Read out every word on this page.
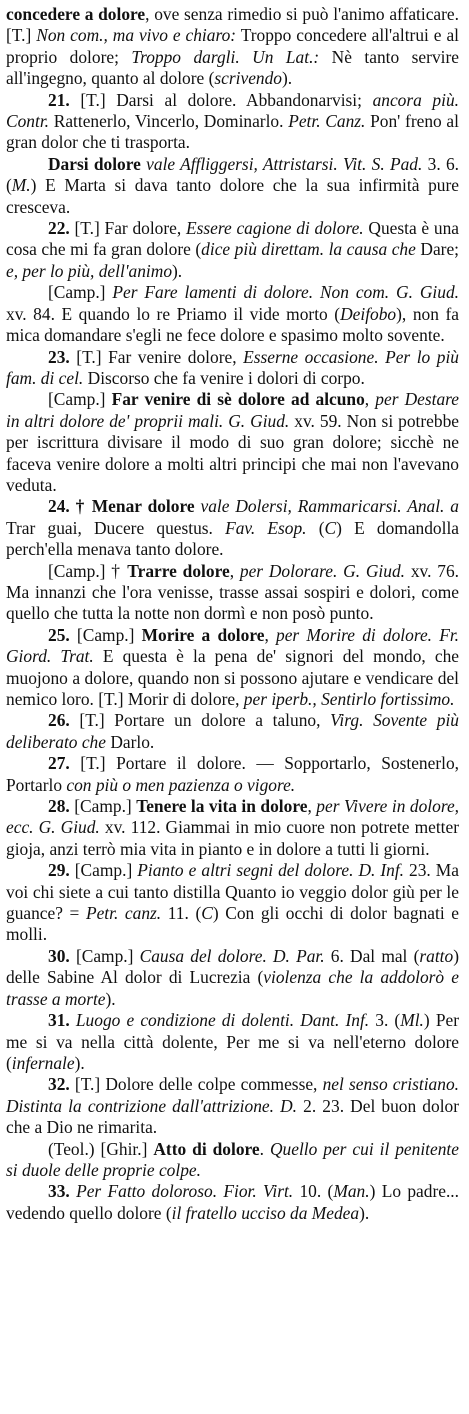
concedere a dolore, ove senza rimedio si può l'animo affaticare. [T.] Non com., ma vivo e chiaro: Troppo concedere all'altrui e al proprio dolore; Troppo dargli. Un Lat.: Nè tanto servire all'ingegno, quanto al dolore (scrivendo).

21. [T.] Darsi al dolore. Abbandonarvisi; ancora più. Contr. Rattenerlo, Vincerlo, Dominarlo. Petr. Canz. Pon' freno al gran dolor che ti trasporta.

Darsi dolore vale Affliggersi, Attristarsi. Vit. S. Pad. 3. 6. (M.) E Marta si dava tanto dolore che la sua infirmità pure cresceva.

22. [T.] Far dolore, Essere cagione di dolore. Questa è una cosa che mi fa gran dolore (dice più direttam. la causa che Dare; e, per lo più, dell'animo).

[Camp.] Per Fare lamenti di dolore. Non com. G. Giud. xv. 84. E quando lo re Priamo il vide morto (Deifobo), non fa mica domandare s'egli ne fece dolore e spasimo molto sovente.

23. [T.] Far venire dolore, Esserne occasione. Per lo più fam. di cel. Discorso che fa venire i dolori di corpo.

[Camp.] Far venire di sè dolore ad alcuno, per Destare in altri dolore de' proprii mali. G. Giud. xv. 59. Non si potrebbe per iscrittura divisare il modo di suo gran dolore; sicchè ne faceva venire dolore a molti altri principi che mai non l'avevano veduta.

24. † Menar dolore vale Dolersi, Rammaricarsi. Anal. a Trar guai, Ducere questus. Fav. Esop. (C) E domandolla perch'ella menava tanto dolore.

[Camp.] † Trarre dolore, per Dolorare. G. Giud. xv. 76. Ma innanzi che l'ora venisse, trasse assai sospiri e dolori, come quello che tutta la notte non dormì e non posò punto.

25. [Camp.] Morire a dolore, per Morire di dolore. Fr. Giord. Trat. E questa è la pena de' signori del mondo, che muojono a dolore, quando non si possono ajutare e vendicare del nemico loro. [T.] Morir di dolore, per iperb., Sentirlo fortissimo.

26. [T.] Portare un dolore a taluno, Virg. Sovente più deliberato che Darlo.

27. [T.] Portare il dolore. — Sopportarlo, Sostenerlo, Portarlo con più o men pazienza o vigore.

28. [Camp.] Tenere la vita in dolore, per Vivere in dolore, ecc. G. Giud. xv. 112. Giammai in mio cuore non potrete metter gioja, anzi terrò mia vita in pianto e in dolore a tutti li giorni.

29. [Camp.] Pianto e altri segni del dolore. D. Inf. 23. Ma voi chi siete a cui tanto distilla Quanto io veggio dolor giù per le guance? = Petr. canz. 11. (C) Con gli occhi di dolor bagnati e molli.

30. [Camp.] Causa del dolore. D. Par. 6. Dal mal (ratto) delle Sabine Al dolor di Lucrezia (violenza che la addolorò e trasse a morte).

31. Luogo e condizione di dolenti. Dant. Inf. 3. (Ml.) Per me si va nella città dolente, Per me si va nell'eterno dolore (infernale).

32. [T.] Dolore delle colpe commesse, nel senso cristiano. Distinta la contrizione dall'attrizione. D. 2. 23. Del buon dolor che a Dio ne rimarita.

(Teol.) [Ghir.] Atto di dolore. Quello per cui il penitente si duole delle proprie colpe.

33. Per Fatto doloroso. Fior. Virt. 10. (Man.) Lo padre... vedendo quello dolore (il fratello ucciso da Medea).
